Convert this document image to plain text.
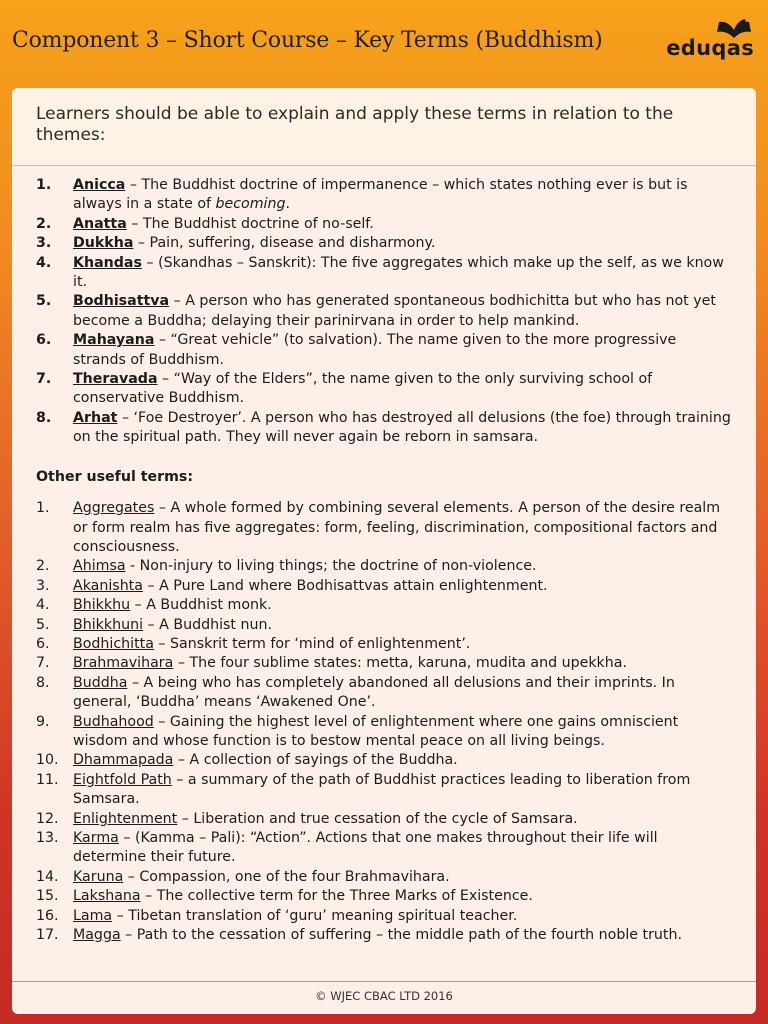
Component 3 – Short Course – Key Terms (Buddhism)	eduqas
Learners should be able to explain and apply these terms in relation to the themes:
1. Anicca – The Buddhist doctrine of impermanence – which states nothing ever is but is always in a state of becoming.
2. Anatta – The Buddhist doctrine of no-self.
3. Dukkha – Pain, suffering, disease and disharmony.
4. Khandas – (Skandhas – Sanskrit): The five aggregates which make up the self, as we know it.
5. Bodhisattva – A person who has generated spontaneous bodhichitta but who has not yet become a Buddha; delaying their parinirvana in order to help mankind.
6. Mahayana – “Great vehicle” (to salvation). The name given to the more progressive strands of Buddhism.
7. Theravada – “Way of the Elders”, the name given to the only surviving school of conservative Buddhism.
8. Arhat – ‘Foe Destroyer’. A person who has destroyed all delusions (the foe) through training on the spiritual path. They will never again be reborn in samsara.
Other useful terms:
1. Aggregates – A whole formed by combining several elements. A person of the desire realm or form realm has five aggregates: form, feeling, discrimination, compositional factors and consciousness.
2. Ahimsa - Non-injury to living things; the doctrine of non-violence.
3. Akanishta – A Pure Land where Bodhisattvas attain enlightenment.
4. Bhikkhu – A Buddhist monk.
5. Bhikkhuni – A Buddhist nun.
6. Bodhichitta – Sanskrit term for ‘mind of enlightenment’.
7. Brahmavihara – The four sublime states: metta, karuna, mudita and upekkha.
8. Buddha – A being who has completely abandoned all delusions and their imprints. In general, ‘Buddha’ means ‘Awakened One’.
9. Budhahood – Gaining the highest level of enlightenment where one gains omniscient wisdom and whose function is to bestow mental peace on all living beings.
10. Dhammapada – A collection of sayings of the Buddha.
11. Eightfold Path – a summary of the path of Buddhist practices leading to liberation from Samsara.
12. Enlightenment – Liberation and true cessation of the cycle of Samsara.
13. Karma – (Kamma – Pali): “Action”. Actions that one makes throughout their life will determine their future.
14. Karuna – Compassion, one of the four Brahmavihara.
15. Lakshana – The collective term for the Three Marks of Existence.
16. Lama – Tibetan translation of ‘guru’ meaning spiritual teacher.
17. Magga – Path to the cessation of suffering – the middle path of the fourth noble truth.
© WJEC CBAC LTD 2016
